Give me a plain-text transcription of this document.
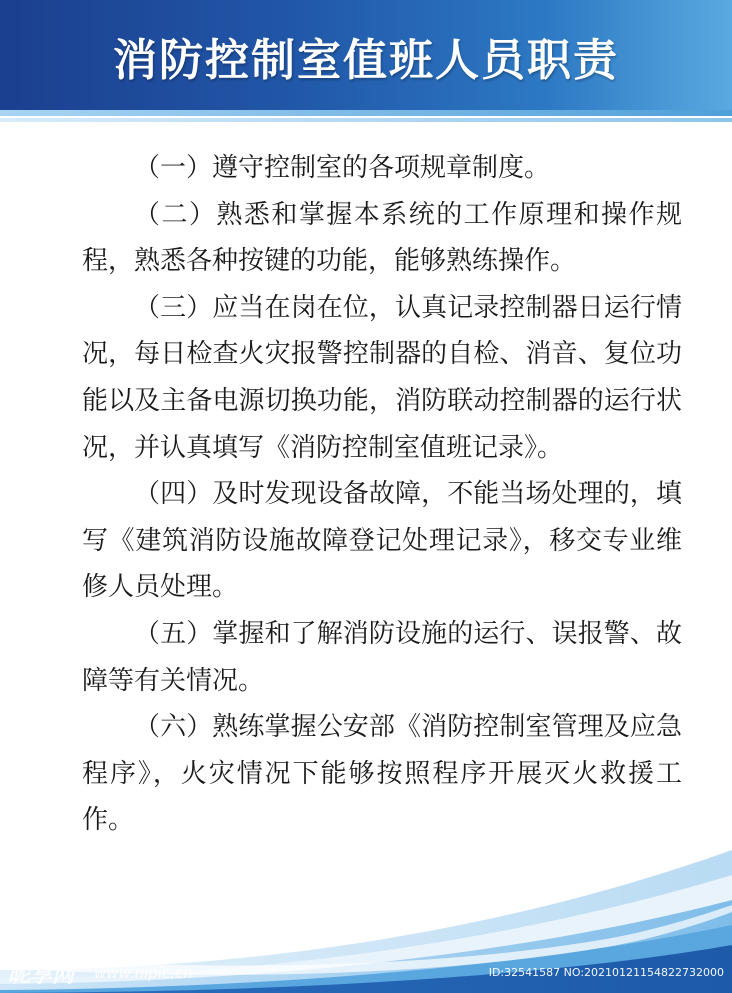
消防控制室值班人员职责

（一）遵守控制室的各项规章制度。

（二）熟悉和掌握本系统的工作原理和操作规程，熟悉各种按键的功能，能够熟练操作。

（三）应当在岗在位，认真记录控制器日运行情况，每日检查火灾报警控制器的自检、消音、复位功能以及主备电源切换功能，消防联动控制器的运行状况，并认真填写《消防控制室值班记录》。

（四）及时发现设备故障，不能当场处理的，填写《建筑消防设施故障登记处理记录》，移交专业维修人员处理。

（五）掌握和了解消防设施的运行、误报警、故障等有关情况。

（六）熟练掌握公安部《消防控制室管理及应急程序》，火灾情况下能够按照程序开展灭火救援工作。

昵享网 www.nipic.cn	ID:32541587 NO:20210121154822732000
